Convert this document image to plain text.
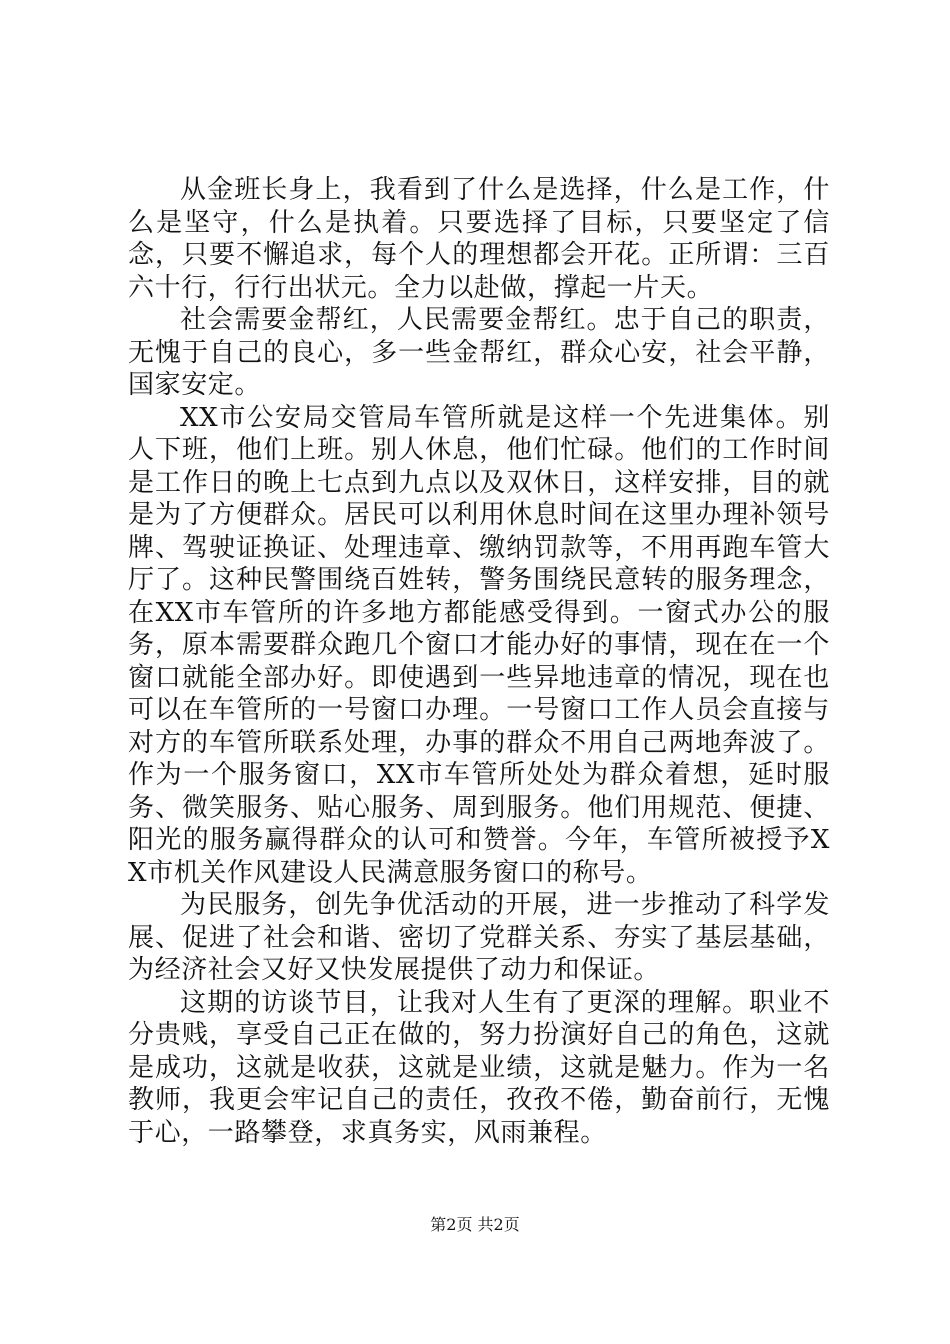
从金班长身上，我看到了什么是选择，什么是工作，什么是坚守，什么是执着。只要选择了目标，只要坚定了信念，只要不懈追求，每个人的理想都会开花。正所谓：三百六十行，行行出状元。全力以赴做，撑起一片天。

社会需要金帮红，人民需要金帮红。忠于自己的职责，无愧于自己的良心，多一些金帮红，群众心安，社会平静，国家安定。

XX市公安局交管局车管所就是这样一个先进集体。别人下班，他们上班。别人休息，他们忙碌。他们的工作时间是工作日的晚上七点到九点以及双休日，这样安排，目的就是为了方便群众。居民可以利用休息时间在这里办理补领号牌、驾驶证换证、处理违章、缴纳罚款等，不用再跑车管大厅了。这种民警围绕百姓转，警务围绕民意转的服务理念，在XX市车管所的许多地方都能感受得到。一窗式办公的服务，原本需要群众跑几个窗口才能办好的事情，现在在一个窗口就能全部办好。即使遇到一些异地违章的情况，现在也可以在车管所的一号窗口办理。一号窗口工作人员会直接与对方的车管所联系处理，办事的群众不用自己两地奔波了。作为一个服务窗口，XX市车管所处处为群众着想，延时服务、微笑服务、贴心服务、周到服务。他们用规范、便捷、阳光的服务赢得群众的认可和赞誉。今年，车管所被授予XX市机关作风建设人民满意服务窗口的称号。

为民服务，创先争优活动的开展，进一步推动了科学发展、促进了社会和谐、密切了党群关系、夯实了基层基础，为经济社会又好又快发展提供了动力和保证。

这期的访谈节目，让我对人生有了更深的理解。职业不分贵贱，享受自己正在做的，努力扮演好自己的角色，这就是成功，这就是收获，这就是业绩，这就是魅力。作为一名教师，我更会牢记自己的责任，孜孜不倦，勤奋前行，无愧于心，一路攀登，求真务实，风雨兼程。

第2页 共2页
